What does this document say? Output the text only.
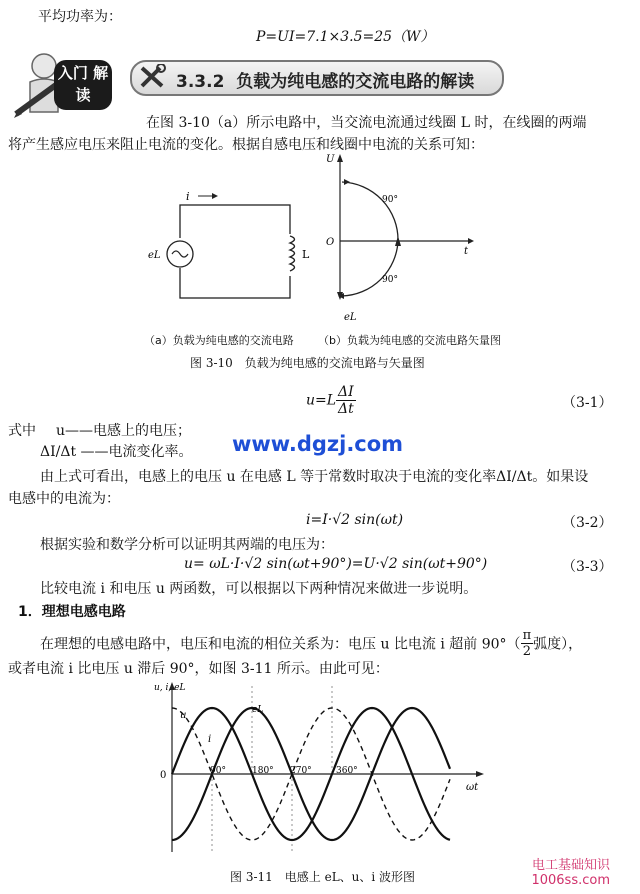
平均功率为：
P=UI=7.1×3.5=25（W）
入门 解读
3.3.2 负载为纯电感的交流电路的解读
在图 3-10（a）所示电路中，当交流电流通过线圈 L 时，在线圈的两端
将产生感应电压来阻止电流的变化。根据自感电压和线圈中电流的关系可知：
i
eL	L
U
t
O
90°
90°
eL
（a）负载为纯电感的交流电路 （b）负载为纯电感的交流电路矢量图
图 3-10　负载为纯电感的交流电路与矢量图
$u=L \frac{\Delta I}{\Delta t}$	（3-1）
式中 u——电感上的电压；
ΔI/Δt ——电流变化率。 www.dgzj.com
由上式可看出，电感上的电压 u 在电感 L 等于常数时取决于电流的变化率ΔI/Δt。如果设
电感中的电流为：
i=I·√2 sin(ωt)	（3-2）
根据实验和数学分析可以证明其两端的电压为：
u= ωL·I·√2 sin(ωt+90°)=U·√2 sin(ωt+90°)	（3-3）
比较电流 i 和电压 u 两函数，可以根据以下两种情况来做进一步说明。
1．理想电感电路
在理想的电感电路中，电压和电流的相位关系为：电压 u 比电流 i 超前 $90^\circ( \frac{\pi}{2}$ 弧度），
或者电流 i 比电压 u 滞后 90°，如图 3-11 所示。由此可见：
u, i, eL
ωt
0
u
i
eL
90°	180° 270°	360°
图 3-11　电感上 eL、u、i 波形图
电工基础知识
1006ss.com
